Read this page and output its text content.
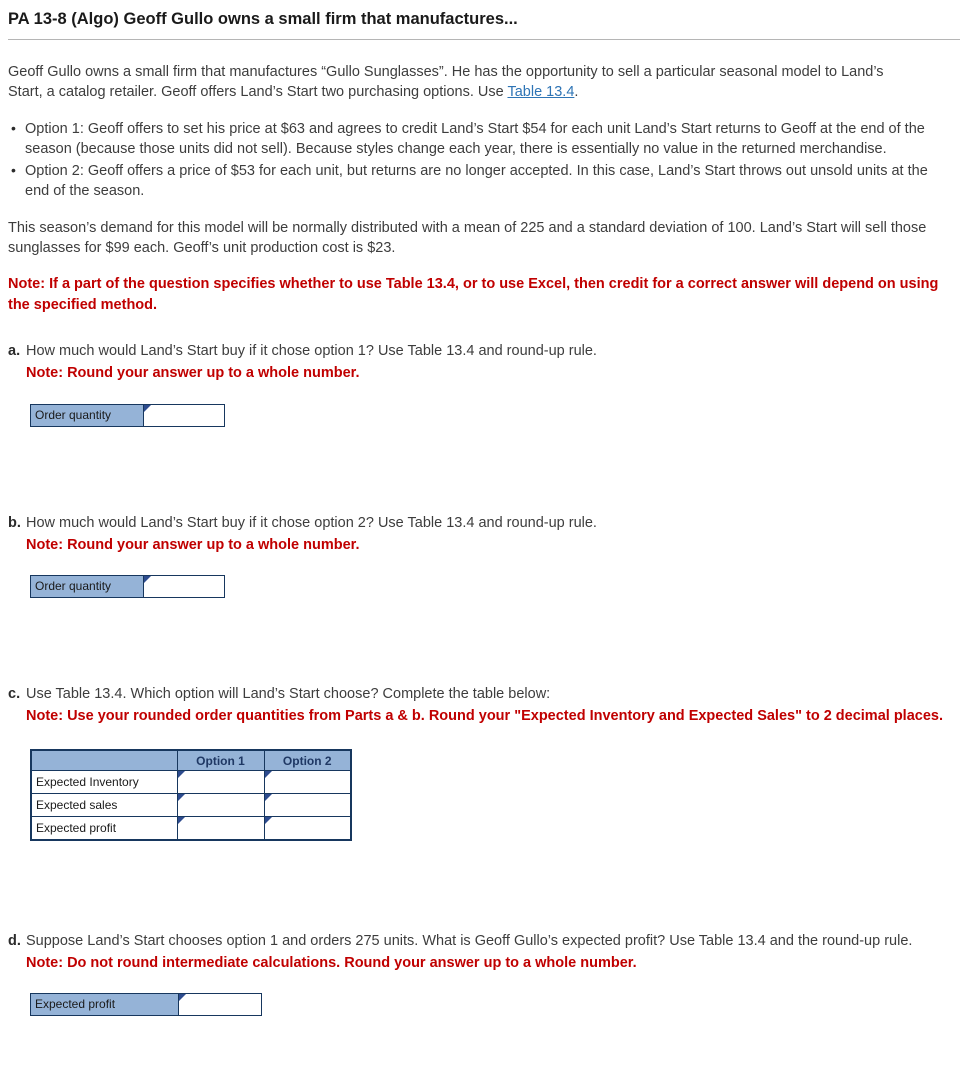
PA 13-8 (Algo) Geoff Gullo owns a small firm that manufactures...

Geoff Gullo owns a small firm that manufactures “Gullo Sunglasses”. He has the opportunity to sell a particular seasonal model to Land’s Start, a catalog retailer. Geoff offers Land’s Start two purchasing options. Use Table 13.4.

• Option 1: Geoff offers to set his price at $63 and agrees to credit Land’s Start $54 for each unit Land’s Start returns to Geoff at the end of the season (because those units did not sell). Because styles change each year, there is essentially no value in the returned merchandise.
• Option 2: Geoff offers a price of $53 for each unit, but returns are no longer accepted. In this case, Land’s Start throws out unsold units at the end of the season.

This season’s demand for this model will be normally distributed with a mean of 225 and a standard deviation of 100. Land’s Start will sell those sunglasses for $99 each. Geoff’s unit production cost is $23.

Note: If a part of the question specifies whether to use Table 13.4, or to use Excel, then credit for a correct answer will depend on using the specified method.

a. How much would Land’s Start buy if it chose option 1? Use Table 13.4 and round-up rule.
Note: Round your answer up to a whole number.
Order quantity
b. How much would Land’s Start buy if it chose option 2? Use Table 13.4 and round-up rule.
Note: Round your answer up to a whole number.
Order quantity
c. Use Table 13.4. Which option will Land’s Start choose? Complete the table below:
Note: Use your rounded order quantities from Parts a & b. Round your "Expected Inventory and Expected Sales" to 2 decimal places.
	Option 1	Option 2
Expected Inventory	

Expected sales	

Expected profit	

d. Suppose Land’s Start chooses option 1 and orders 275 units. What is Geoff Gullo’s expected profit? Use Table 13.4 and the round-up rule.
Note: Do not round intermediate calculations. Round your answer up to a whole number.
Expected profit
